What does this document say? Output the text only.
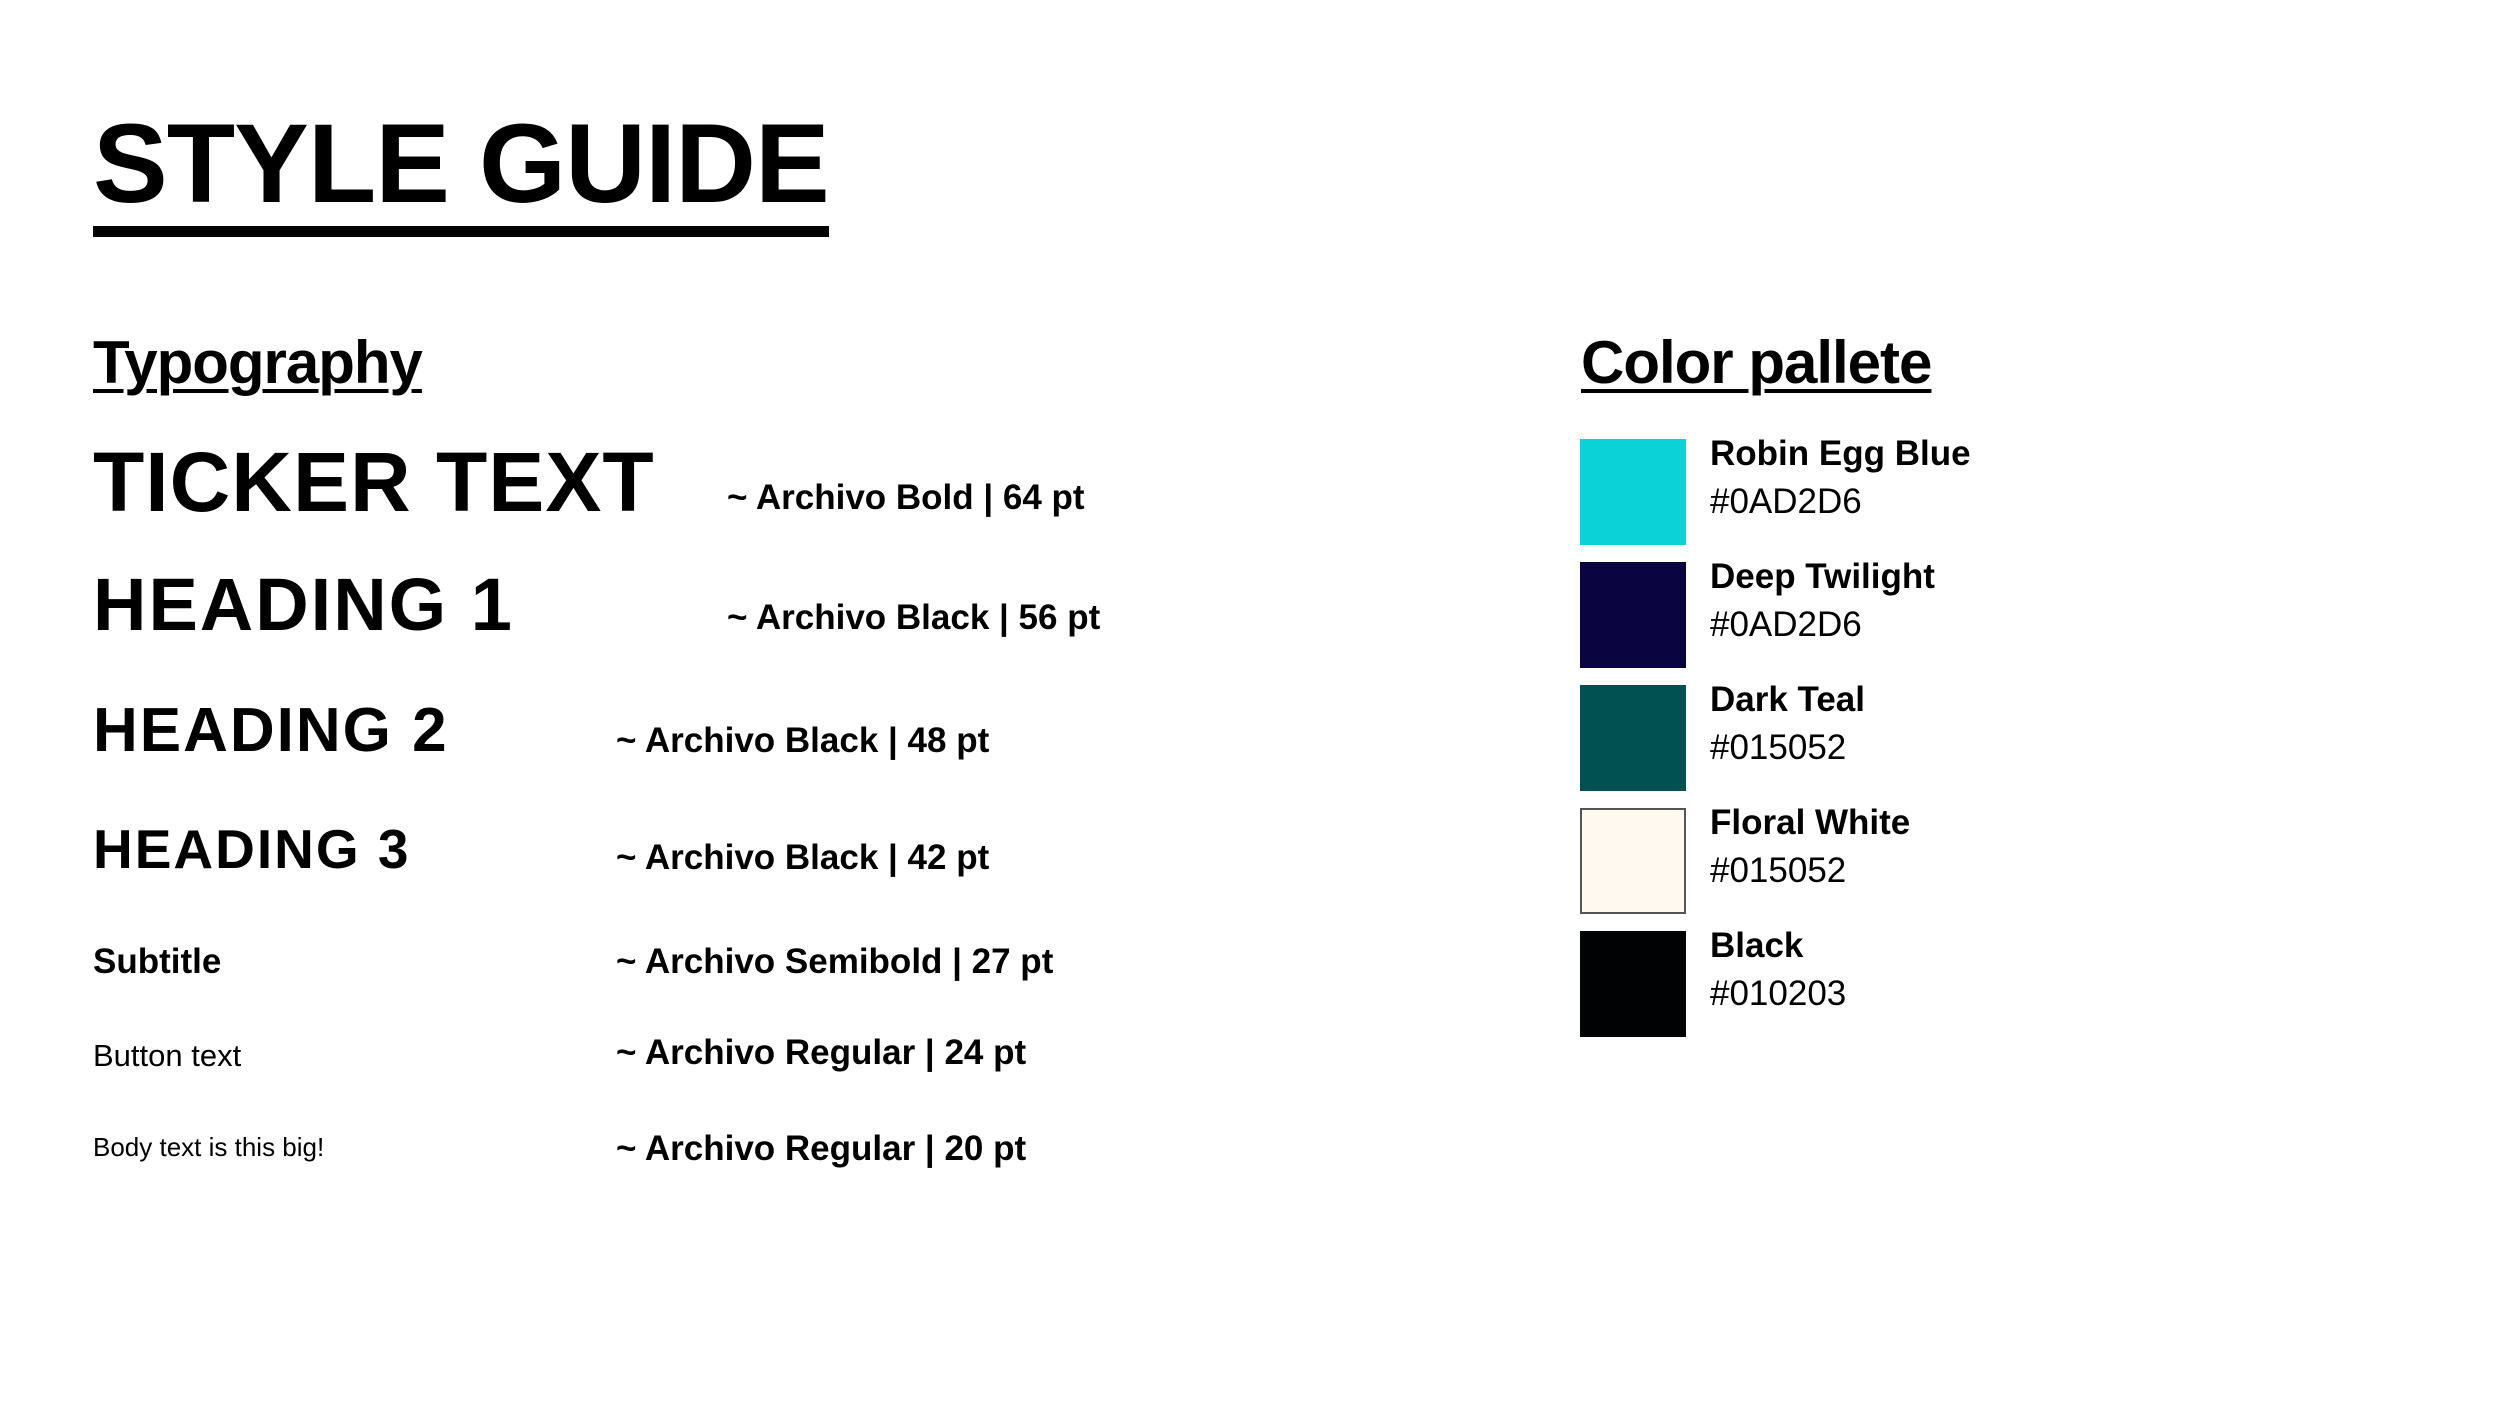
STYLE GUIDE
Typography
TICKER TEXT ~ Archivo Bold | 64 pt
HEADING 1	~ Archivo Black | 56 pt
HEADING 2	~ Archivo Black | 48 pt
HEADING 3	~ Archivo Black | 42 pt
Subtitle	~ Archivo Semibold | 27 pt
Button text	~ Archivo Regular | 24 pt
Body text is this big!	~ Archivo Regular | 20 pt
Color pallete
Robin Egg Blue
#0AD2D6
Deep Twilight
#0AD2D6
Dark Teal
#015052
Floral White
#015052
Black
#010203
